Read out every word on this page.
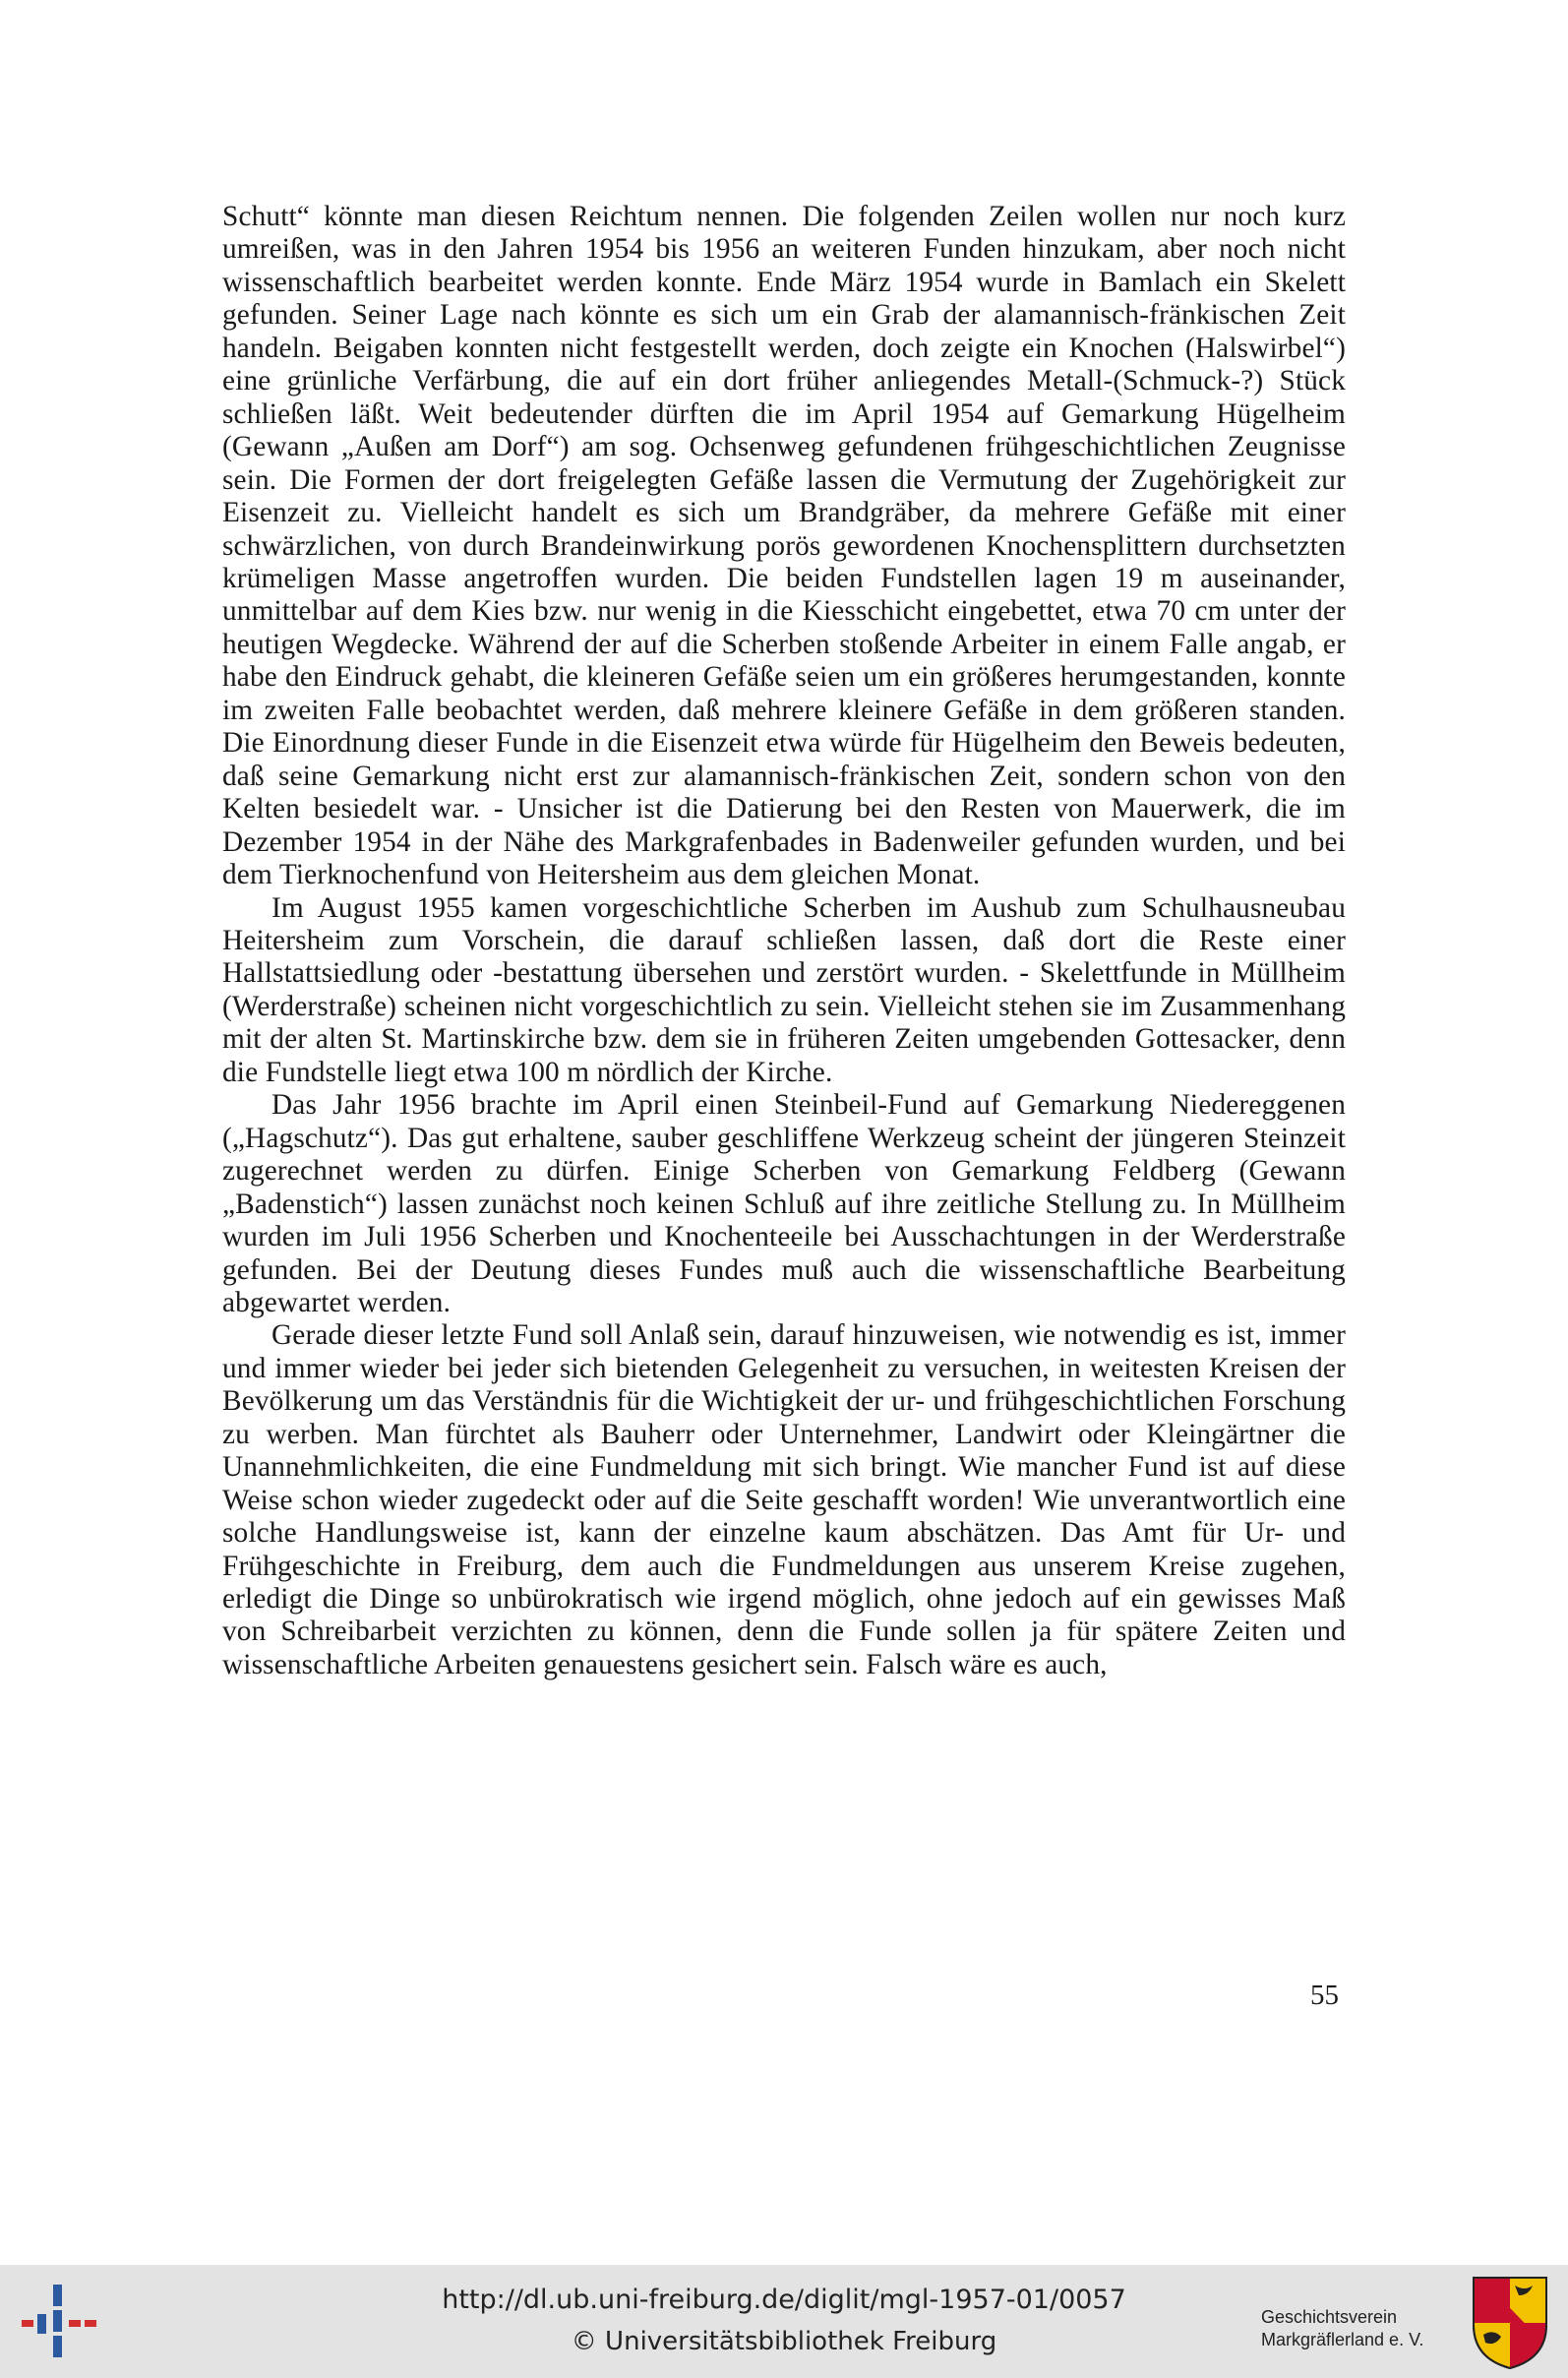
Schutt“ könnte man diesen Reichtum nennen. Die folgenden Zeilen wollen nur noch kurz umreißen, was in den Jahren 1954 bis 1956 an weiteren Funden hinzukam, aber noch nicht wissenschaftlich bearbeitet werden konnte. Ende März 1954 wurde in Bamlach ein Skelett gefunden. Seiner Lage nach könnte es sich um ein Grab der alamannisch-fränkischen Zeit handeln. Beigaben konnten nicht festgestellt werden, doch zeigte ein Knochen (Halswirbel“) eine grünliche Verfärbung, die auf ein dort früher anliegendes Metall-(Schmuck-?) Stück schließen läßt. Weit bedeutender dürften die im April 1954 auf Gemarkung Hügelheim (Gewann „Außen am Dorf“) am sog. Ochsenweg gefundenen frühgeschichtlichen Zeugnisse sein. Die Formen der dort freigelegten Gefäße lassen die Vermutung der Zugehörigkeit zur Eisenzeit zu. Vielleicht handelt es sich um Brandgräber, da mehrere Gefäße mit einer schwärzlichen, von durch Brandeinwirkung porös gewordenen Knochensplittern durchsetzten krümeligen Masse angetroffen wurden. Die beiden Fundstellen lagen 19 m auseinander, unmittelbar auf dem Kies bzw. nur wenig in die Kiesschicht eingebettet, etwa 70 cm unter der heutigen Wegdecke. Während der auf die Scherben stoßende Arbeiter in einem Falle angab, er habe den Eindruck gehabt, die kleineren Gefäße seien um ein größeres herumgestanden, konnte im zweiten Falle beobachtet werden, daß mehrere kleinere Gefäße in dem größeren standen. Die Einordnung dieser Funde in die Eisenzeit etwa würde für Hügelheim den Beweis bedeuten, daß seine Gemarkung nicht erst zur alamannisch-fränkischen Zeit, sondern schon von den Kelten besiedelt war. - Unsicher ist die Datierung bei den Resten von Mauerwerk, die im Dezember 1954 in der Nähe des Markgrafenbades in Badenweiler gefunden wurden, und bei dem Tierknochenfund von Heitersheim aus dem gleichen Monat.

Im August 1955 kamen vorgeschichtliche Scherben im Aushub zum Schulhausneubau Heitersheim zum Vorschein, die darauf schließen lassen, daß dort die Reste einer Hallstattsiedlung oder -bestattung übersehen und zerstört wurden. - Skelettfunde in Müllheim (Werderstraße) scheinen nicht vorgeschichtlich zu sein. Vielleicht stehen sie im Zusammenhang mit der alten St. Martinskirche bzw. dem sie in früheren Zeiten umgebenden Gottesacker, denn die Fundstelle liegt etwa 100 m nördlich der Kirche.

Das Jahr 1956 brachte im April einen Steinbeil-Fund auf Gemarkung Niedereggenen („Hagschutz“). Das gut erhaltene, sauber geschliffene Werkzeug scheint der jüngeren Steinzeit zugerechnet werden zu dürfen. Einige Scherben von Gemarkung Feldberg (Gewann „Badenstich“) lassen zunächst noch keinen Schluß auf ihre zeitliche Stellung zu. In Müllheim wurden im Juli 1956 Scherben und Knochenteeile bei Ausschachtungen in der Werderstraße gefunden. Bei der Deutung dieses Fundes muß auch die wissenschaftliche Bearbeitung abgewartet werden.

Gerade dieser letzte Fund soll Anlaß sein, darauf hinzuweisen, wie notwendig es ist, immer und immer wieder bei jeder sich bietenden Gelegenheit zu versuchen, in weitesten Kreisen der Bevölkerung um das Verständnis für die Wichtigkeit der ur- und frühgeschichtlichen Forschung zu werben. Man fürchtet als Bauherr oder Unternehmer, Landwirt oder Kleingärtner die Unannehmlichkeiten, die eine Fundmeldung mit sich bringt. Wie mancher Fund ist auf diese Weise schon wieder zugedeckt oder auf die Seite geschafft worden! Wie unverantwortlich eine solche Handlungsweise ist, kann der einzelne kaum abschätzen. Das Amt für Ur- und Frühgeschichte in Freiburg, dem auch die Fundmeldungen aus unserem Kreise zugehen, erledigt die Dinge so unbürokratisch wie irgend möglich, ohne jedoch auf ein gewisses Maß von Schreibarbeit verzichten zu können, denn die Funde sollen ja für spätere Zeiten und wissenschaftliche Arbeiten genauestens gesichert sein. Falsch wäre es auch,

55
http://dl.ub.uni-freiburg.de/diglit/mgl-1957-01/0057
© Universitätsbibliothek Freiburg
Geschichtsverein
Markgräflerland e. V.
